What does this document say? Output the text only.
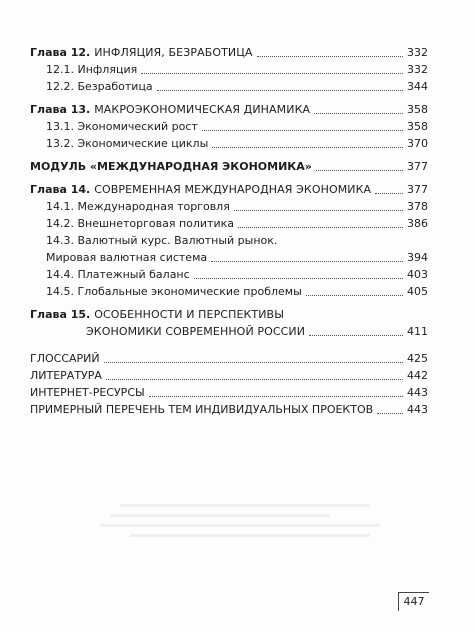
Глава 12. ИНФЛЯЦИЯ, БЕЗРАБОТИЦА	332
12.1. Инфляция	332
12.2. Безработица	344
Глава 13. МАКРОЭКОНОМИЧЕСКАЯ ДИНАМИКА	358
13.1. Экономический рост	358
13.2. Экономические циклы	370
МОДУЛЬ «МЕЖДУНАРОДНАЯ ЭКОНОМИКА»	377
Глава 14. СОВРЕМЕННАЯ МЕЖДУНАРОДНАЯ ЭКОНОМИКА	377
14.1. Международная торговля	378
14.2. Внешнеторговая политика	386
14.3. Валютный курс. Валютный рынок.
Мировая валютная система	394
14.4. Платежный баланс	403
14.5. Глобальные экономические проблемы	405
Глава 15. ОСОБЕННОСТИ И ПЕРСПЕКТИВЫ
ЭКОНОМИКИ СОВРЕМЕННОЙ РОССИИ	411
ГЛОССАРИЙ	425
ЛИТЕРАТУРА	442
ИНТЕРНЕТ-РЕСУРСЫ	443
ПРИМЕРНЫЙ ПЕРЕЧЕНЬ ТЕМ ИНДИВИДУАЛЬНЫХ ПРОЕКТОВ	443
447
